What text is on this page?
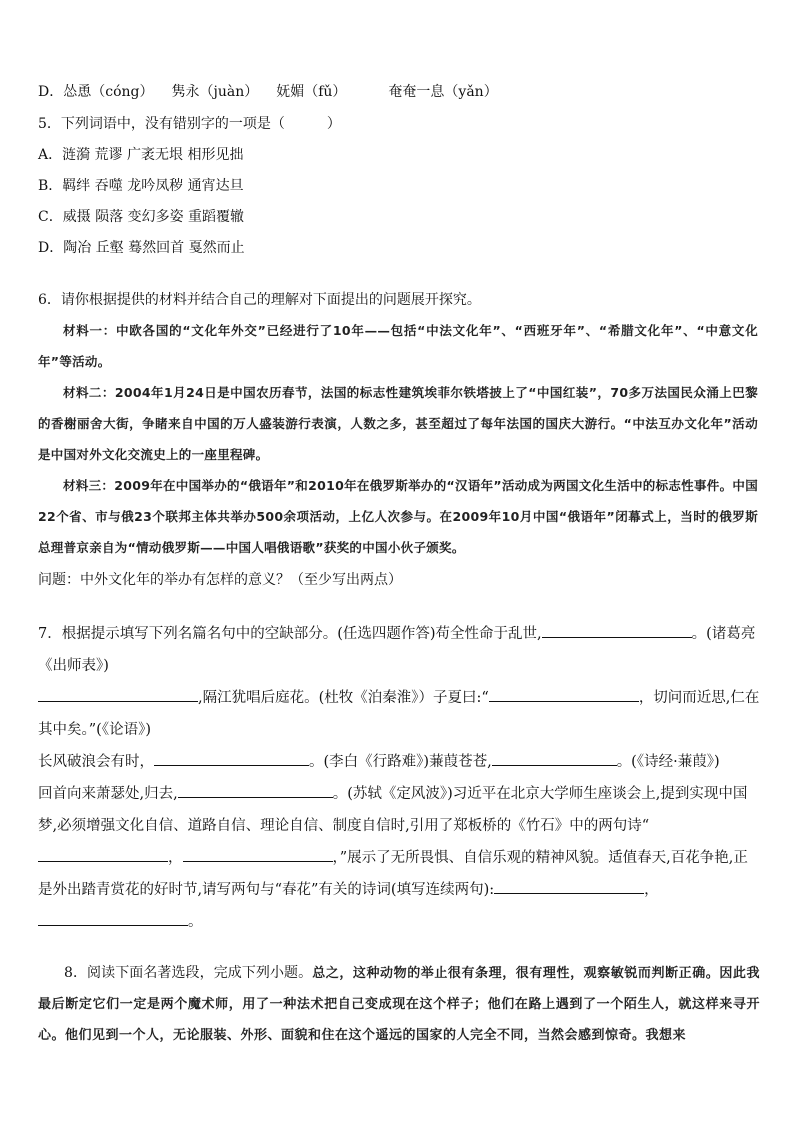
D．怂恿（cóng） 隽永（juàn） 妩媚（fǔ）	奄奄一息（yǎn）
5．下列词语中，没有错别字的一项是（　　　）
A．涟漪 荒谬 广袤无垠 相形见拙
B．羁绊 吞噬 龙吟凤秽 通宵达旦
C．威摄 陨落 变幻多姿 重蹈覆辙
D．陶冶 丘壑 蓦然回首 戛然而止
6．请你根据提供的材料并结合自己的理解对下面提出的问题展开探究。

材料一：中欧各国的“文化年外交”已经进行了10年——包括“中法文化年”、“西班牙年”、“希腊文化年”、“中意文化年”等活动。

材料二：2004年1月24日是中国农历春节，法国的标志性建筑埃菲尔铁塔披上了“中国红装”，70多万法国民众涌上巴黎的香榭丽舍大街，争睹来自中国的万人盛装游行表演，人数之多，甚至超过了每年法国的国庆大游行。“中法互办文化年”活动是中国对外文化交流史上的一座里程碑。

材料三：2009年在中国举办的“俄语年”和2010年在俄罗斯举办的“汉语年”活动成为两国文化生活中的标志性事件。中国22个省、市与俄23个联邦主体共举办500余项活动，上亿人次参与。在2009年10月中国“俄语年”闭幕式上，当时的俄罗斯总理普京亲自为“情动俄罗斯——中国人唱俄语歌”获奖的中国小伙子颁奖。

问题：中外文化年的举办有怎样的意义？（至少写出两点）

7．根据提示填写下列名篇名句中的空缺部分。(任选四题作答)苟全性命于乱世,	。(诸葛亮《出师表》)

,隔江犹唱后庭花。(杜牧《泊秦淮》）子夏曰:“	，切问而近思,仁在其中矣。”(《论语》)

长风破浪会有时，	。(李白《行路难》)蒹葭苍苍,	。(《诗经·蒹葭》)

回首向来萧瑟处,归去,	。(苏轼《定风波》)习近平在北京大学师生座谈会上,提到实现中国梦,必须增强文化自信、道路自信、理论自信、制度自信时,引用了郑板桥的《竹石》中的两句诗“，	，”展示了无所畏惧、自信乐观的精神风貌。适值春天,百花争艳,正是外出踏青赏花的好时节,请写两句与“春花”有关的诗词(填写连续两句):	，。

8．阅读下面名著选段，完成下列小题。总之，这种动物的举止很有条理，很有理性，观察敏锐而判断正确。因此我最后断定它们一定是两个魔术师，用了一种法术把自己变成现在这个样子；他们在路上遇到了一个陌生人，就这样来寻开心。他们见到一个人，无论服装、外形、面貌和住在这个遥远的国家的人完全不同，当然会感到惊奇。我想来
